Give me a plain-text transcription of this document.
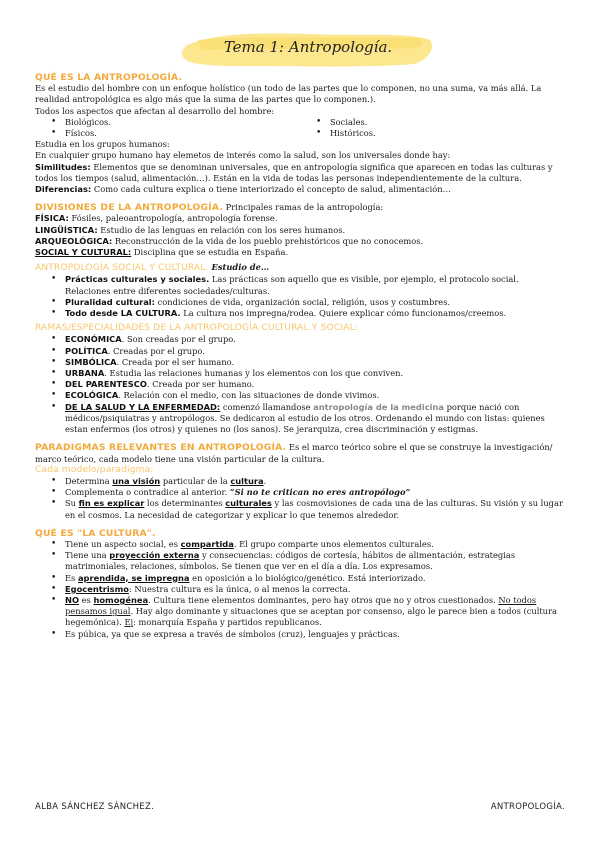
Tema 1: Antropología.

QUÉ ES LA ANTROPOLOGÍA.

Es el estudio del hombre con un enfoque holístico (un todo de las partes que lo componen, no una suma, va más allá. La realidad antropológica es algo más que la suma de las partes que lo componen.).

Todos los aspectos que afectan al desarrollo del hombre:

• Biológicos.
• Físicos.
• Sociales.
• Históricos.

Estudia en los grupos humanos:

En cualquier grupo humano hay elemetos de interés como la salud, son los universales donde hay:

Similitudes: Elementos que se denominan universales, que en antropología significa que aparecen en todas las culturas y todos los tiempos (salud, alimentación…). Están en la vida de todas las personas independientemente de la cultura.

Diferencias: Como cada cultura explica o tiene interiorizado el concepto de salud, alimentación…

DIVISIONES DE LA ANTROPOLOGÍA. Principales ramas de la antropología:

FÍSICA: Fósiles, paleoantropología, antropología forense.

LINGÜÍSTICA: Estudio de las lenguas en relación con los seres humanos.

ARQUEOLÓGICA: Reconstrucción de la vida de los pueblo prehistóricos que no conocemos.

SOCIAL Y CULTURAL: Disciplina que se estudia en España.

ANTROPOLOGÍA SOCIAL Y CULTURAL. Estudio de…

• Prácticas culturales y sociales. Las prácticas son aquello que es visible, por ejemplo, el protocolo social. Relaciones entre diferentes sociedades/culturas.
• Pluralidad cultural: condiciones de vida, organización social, religión, usos y costumbres.
• Todo desde LA CULTURA. La cultura nos impregna/rodea. Quiere explicar cómo funcionamos/creemos.

RAMAS/ESPECIALIDADES DE LA ANTROPOLOGÍA CULTURAL Y SOCIAL:

• ECONÓMICA. Son creadas por el grupo.
• POLÍTICA. Creadas por el grupo.
• SIMBÓLICA. Creada por el ser humano.
• URBANA. Estudia las relaciones humanas y los elementos con los que conviven.
• DEL PARENTESCO. Creada por ser humano.
• ECOLÓGICA. Relación con el medio, con las situaciones de donde vivimos.
• DE LA SALUD Y LA ENFERMEDAD: comenzó llamandose antropología de la medicina porque nació con médicos/psiquiatras y antropólogos. Se dedicaron al estudio de los otros. Ordenando el mundo con listas: quienes estan enfermos (los otros) y quienes no (los sanos). Se jerarquiza, crea discriminación y estigmas.

PARADIGMAS RELEVANTES EN ANTROPOLOGÍA. Es el marco teórico sobre el que se construye la investigación/ marco teórico, cada modelo tiene una visión particular de la cultura.

Cada modelo/paradigma:

• Determina una visión particular de la cultura.
• Complementa o contradice al anterior. “Si no te critican no eres antropólogo”
• Su fin es explicar los determinantes culturales y las cosmovisiones de cada una de las culturas. Su visión y su lugar en el cosmos. La necesidad de categorizar y explicar lo que tenemos alrededor.

QUÉ ES "LA CULTURA".

• Tiene un aspecto social, es compartida. El grupo comparte unos elementos culturales.
• Tiene una proyección externa y consecuencias: códigos de cortesía, hábitos de alimentación, estrategias matrimoniales, relaciones, símbolos. Se tienen que ver en el día a día. Los expresamos.
• Es aprendida, se impregna en oposición a lo biológico/genético. Está interiorizado.
• Egocentrismo: Nuestra cultura es la única, o al menos la correcta.
• NO es homogénea. Cultura tiene elementos dominantes, pero hay otros que no y otros cuestionados. No todos pensamos igual. Hay algo dominante y situaciones que se aceptan por consenso, algo le parece bien a todos (cultura hegemónica). Ej: monarquía España y partidos republicanos.
• Es púbica, ya que se expresa a través de símbolos (cruz), lenguajes y prácticas.
ALBA SÁNCHEZ SÁNCHEZ.	ANTROPOLOGÍA.
